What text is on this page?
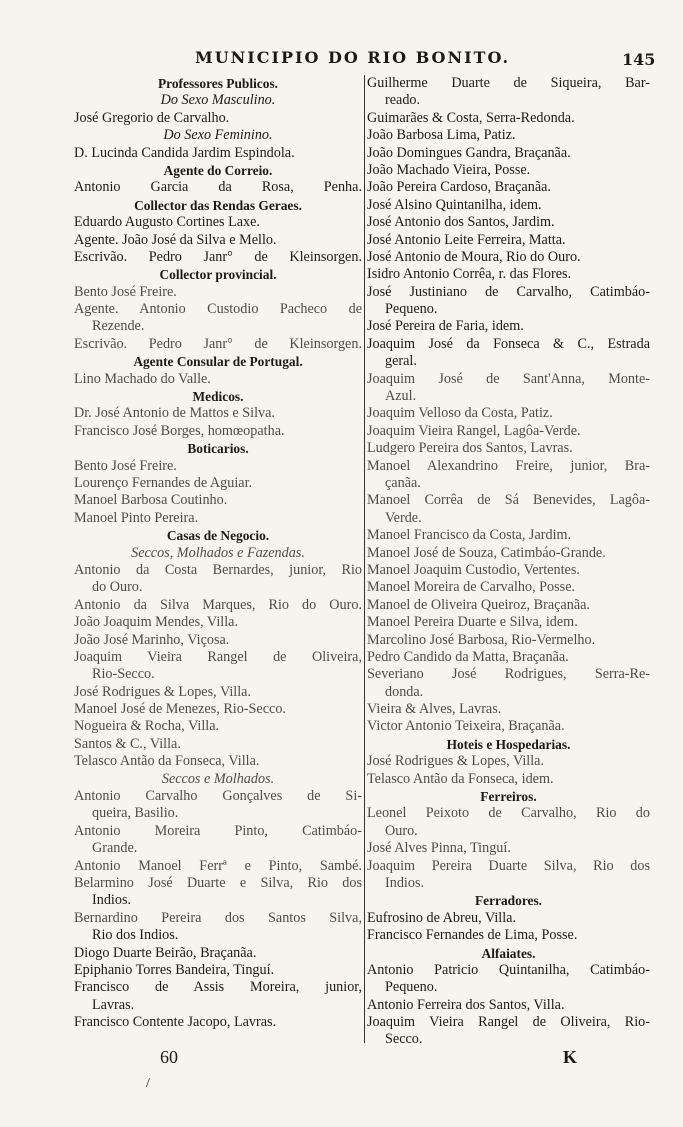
MUNICIPIO DO RIO BONITO.	145
Professores Publicos.
Do Sexo Masculino.
José Gregorio de Carvalho.
Do Sexo Feminino.
D. Lucinda Candida Jardim Espindola.
Agente do Correio.
Antonio Garcia da Rosa, Penha.
Collector das Rendas Geraes.
Eduardo Augusto Cortines Laxe.
Agente. João José da Silva e Mello.
Escrivão. Pedro Janr° de Kleinsorgen.
Collector provincial.
Bento José Freire.
Agente. Antonio Custodio Pacheco de
Rezende.
Escrivão. Pedro Janr° de Kleinsorgen.
Agente Consular de Portugal.
Lino Machado do Valle.
Medicos.
Dr. José Antonio de Mattos e Silva.
Francisco José Borges, homœopatha.
Boticarios.
Bento José Freire.
Lourenço Fernandes de Aguiar.
Manoel Barbosa Coutinho.
Manoel Pinto Pereira.
Casas de Negocio.
Seccos, Molhados e Fazendas.
Antonio da Costa Bernardes, junior, Rio
do Ouro.
Antonio da Silva Marques, Rio do Ouro.
João Joaquim Mendes, Villa.
João José Marinho, Viçosa.
Joaquim Vieira Rangel de Oliveira,
Rio-Secco.
José Rodrigues & Lopes, Villa.
Manoel José de Menezes, Rio-Secco.
Nogueira & Rocha, Villa.
Santos & C., Villa.
Telasco Antão da Fonseca, Villa.
Seccos e Molhados.
Antonio Carvalho Gonçalves de Si-
queira, Basilio.
Antonio Moreira Pinto, Catimbáo-
Grande.
Antonio Manoel Ferrª e Pinto, Sambé.
Belarmino José Duarte e Silva, Rio dos
Indios.
Bernardino Pereira dos Santos Silva,
Rio dos Indios.
Diogo Duarte Beirão, Braçanãa.
Epiphanio Torres Bandeira, Tinguí.
Francisco de Assis Moreira, junior,
Lavras.
Francisco Contente Jacopo, Lavras.
Guilherme Duarte de Siqueira, Bar-
reado.
Guimarães & Costa, Serra-Redonda.
João Barbosa Lima, Patiz.
João Domingues Gandra, Braçanãa.
João Machado Vieira, Posse.
João Pereira Cardoso, Braçanãa.
José Alsino Quintanilha, idem.
José Antonio dos Santos, Jardim.
José Antonio Leite Ferreira, Matta.
José Antonio de Moura, Rio do Ouro.
Isidro Antonio Corrêa, r. das Flores.
José Justiniano de Carvalho, Catimbáo-
Pequeno.
José Pereira de Faria, idem.
Joaquim José da Fonseca & C., Estrada
geral.
Joaquim José de Sant'Anna, Monte-
Azul.
Joaquim Velloso da Costa, Patiz.
Joaquim Vieira Rangel, Lagôa-Verde.
Ludgero Pereira dos Santos, Lavras.
Manoel Alexandrino Freire, junior, Bra-
çanãa.
Manoel Corrêa de Sá Benevides, Lagôa-
Verde.
Manoel Francisco da Costa, Jardim.
Manoel José de Souza, Catimbáo-Grande.
Manoel Joaquim Custodio, Vertentes.
Manoel Moreira de Carvalho, Posse.
Manoel de Oliveira Queiroz, Braçanãa.
Manoel Pereira Duarte e Silva, idem.
Marcolino José Barbosa, Rio-Vermelho.
Pedro Candido da Matta, Braçanãa.
Severiano José Rodrigues, Serra-Re-
donda.
Vieira & Alves, Lavras.
Victor Antonio Teixeira, Braçanãa.
Hoteis e Hospedarias.
José Rodrigues & Lopes, Villa.
Telasco Antão da Fonseca, idem.
Ferreiros.
Leonel Peixoto de Carvalho, Rio do
Ouro.
José Alves Pinna, Tinguí.
Joaquim Pereira Duarte Silva, Rio dos
Indios.
Ferradores.
Eufrosino de Abreu, Villa.
Francisco Fernandes de Lima, Posse.
Alfaiates.
Antonio Patricio Quintanilha, Catimbáo-
Pequeno.
Antonio Ferreira dos Santos, Villa.
Joaquim Vieira Rangel de Oliveira, Rio-
Secco.
60	K
/
